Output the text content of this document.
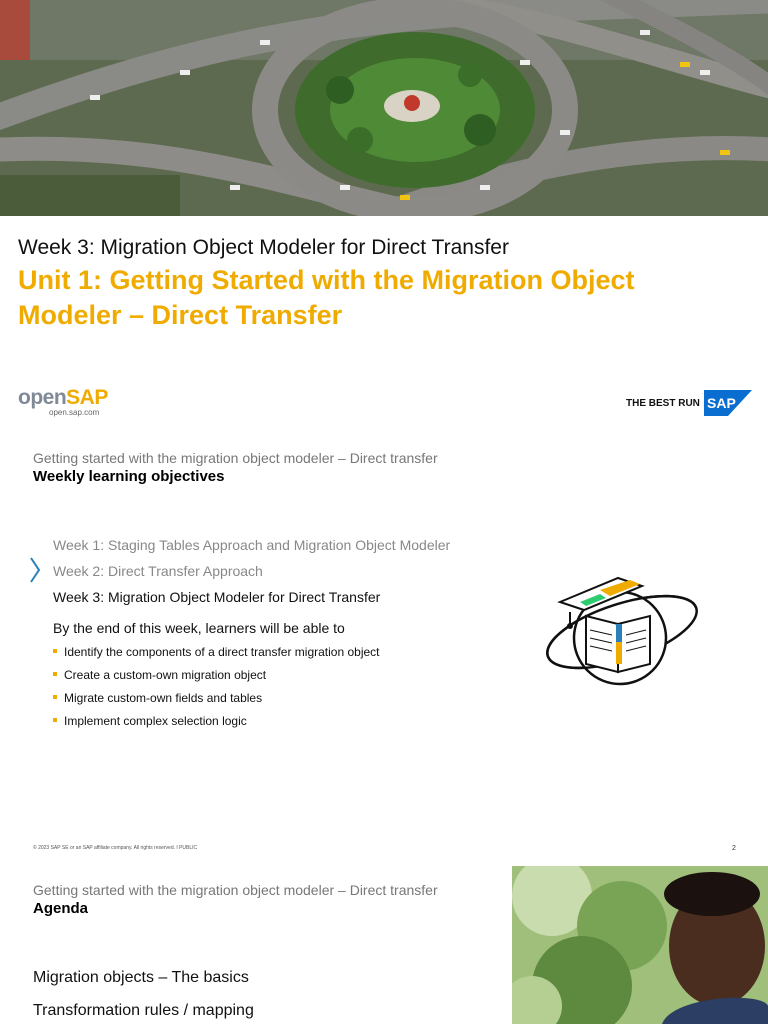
Week 3: Migration Object Modeler for Direct Transfer
Unit 1: Getting Started with the Migration Object Modeler – Direct Transfer
openSAP
open.sap.com
THE BEST RUN SAP
Getting started with the migration object modeler – Direct transfer
Weekly learning objectives
Week 1: Staging Tables Approach and Migration Object Modeler
Week 2: Direct Transfer Approach
Week 3: Migration Object Modeler for Direct Transfer
By the end of this week, learners will be able to
Identify the components of a direct transfer migration object
Create a custom-own migration object
Migrate custom-own fields and tables
Implement complex selection logic
© 2023 SAP SE or an SAP affiliate company. All rights reserved. ǀ PUBLIC	2
Getting started with the migration object modeler – Direct transfer
Agenda
Migration objects – The basics
Transformation rules / mapping
